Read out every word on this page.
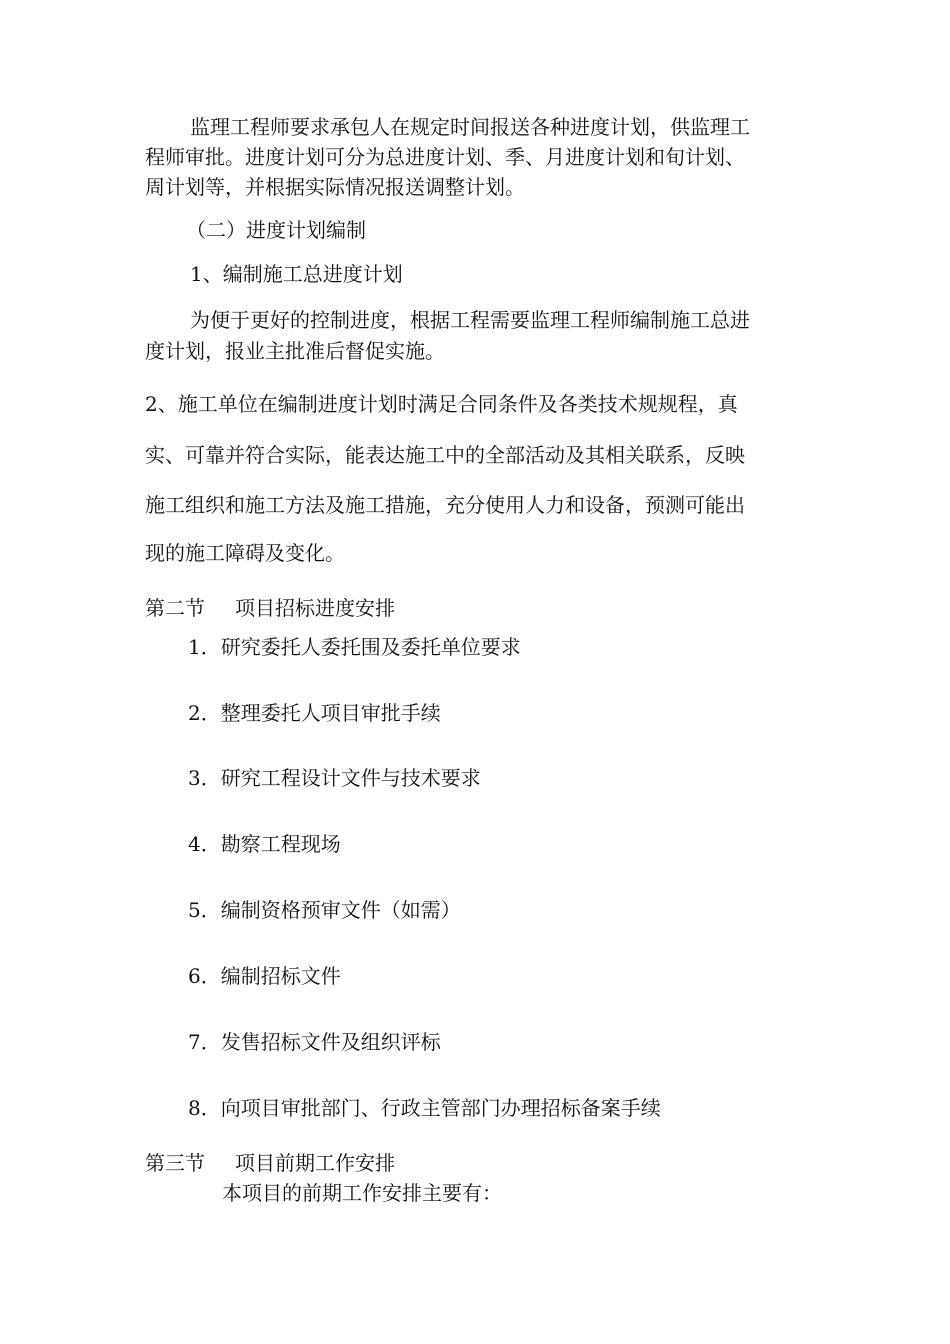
监理工程师要求承包人在规定时间报送各种进度计划，供监理工
程师审批。进度计划可分为总进度计划、季、月进度计划和旬计划、
周计划等，并根据实际情况报送调整计划。
（二）进度计划编制
1、编制施工总进度计划
为便于更好的控制进度，根据工程需要监理工程师编制施工总进
度计划，报业主批准后督促实施。
2、施工单位在编制进度计划时满足合同条件及各类技术规规程，真
实、可靠并符合实际，能表达施工中的全部活动及其相关联系，反映
施工组织和施工方法及施工措施，充分使用人力和设备，预测可能出
现的施工障碍及变化。
第二节 项目招标进度安排
1．研究委托人委托围及委托单位要求
2．整理委托人项目审批手续
3．研究工程设计文件与技术要求
4．勘察工程现场
5．编制资格预审文件（如需）
6．编制招标文件
7．发售招标文件及组织评标
8．向项目审批部门、行政主管部门办理招标备案手续
第三节 项目前期工作安排
本项目的前期工作安排主要有：
